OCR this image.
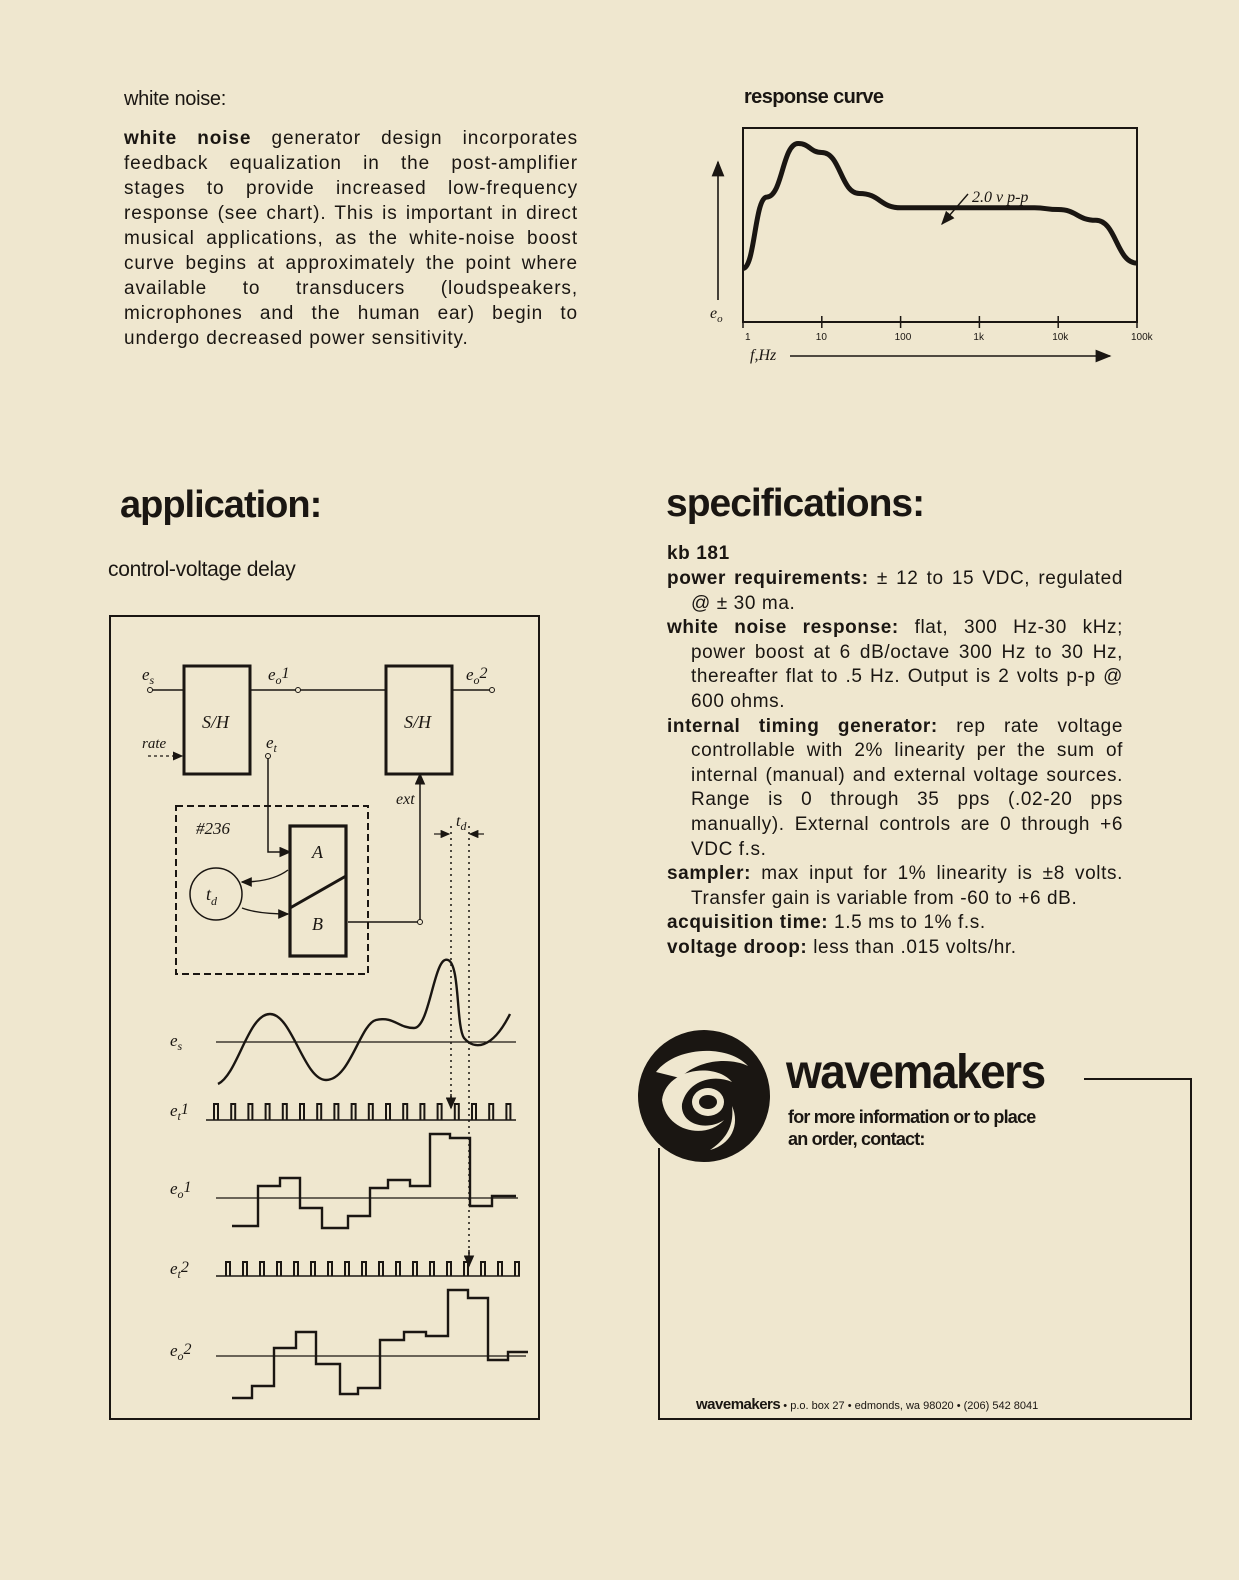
white noise:
white noise generator design incorporates feedback equalization in the post-amplifier stages to provide increased low-frequency response (see chart). This is important in direct musical applications, as the white-noise boost curve begins at approximately the point where available to transducers (loudspeakers, microphones and the human ear) begin to undergo decreased power sensitivity.
response curve
$e_o$
1	10	100	1k	10k	100k
2.0 v p-p
f,Hz
application:
control-voltage delay
S/H	S/H
$e_s$	$e_o1$	$e_o2$
rate	$e_t$
ext
#236
A
B
$t_d$
$t_d$
$e_s$
$e_t1$
$e_o1$
$e_t2$
$e_o2$
specifications:
kb 181

power requirements: ± 12 to 15 VDC, regulated @ ± 30 ma.

white noise response: flat, 300 Hz-30 kHz; power boost at 6 dB/octave 300 Hz to 30 Hz, thereafter flat to .5 Hz. Output is 2 volts p-p @ 600 ohms.

internal timing generator: rep rate voltage controllable with 2% linearity per the sum of internal (manual) and external voltage sources. Range is 0 through 35 pps (.02-20 pps manually). External controls are 0 through +6 VDC f.s.

sampler: max input for 1% linearity is ±8 volts. Transfer gain is variable from -60 to +6 dB.

acquisition time: 1.5 ms to 1% f.s.

voltage droop: less than .015 volts/hr.

wavemakers
for more information or to place
an order, contact:
wavemakers • p.o. box 27 • edmonds, wa 98020 • (206) 542 8041
